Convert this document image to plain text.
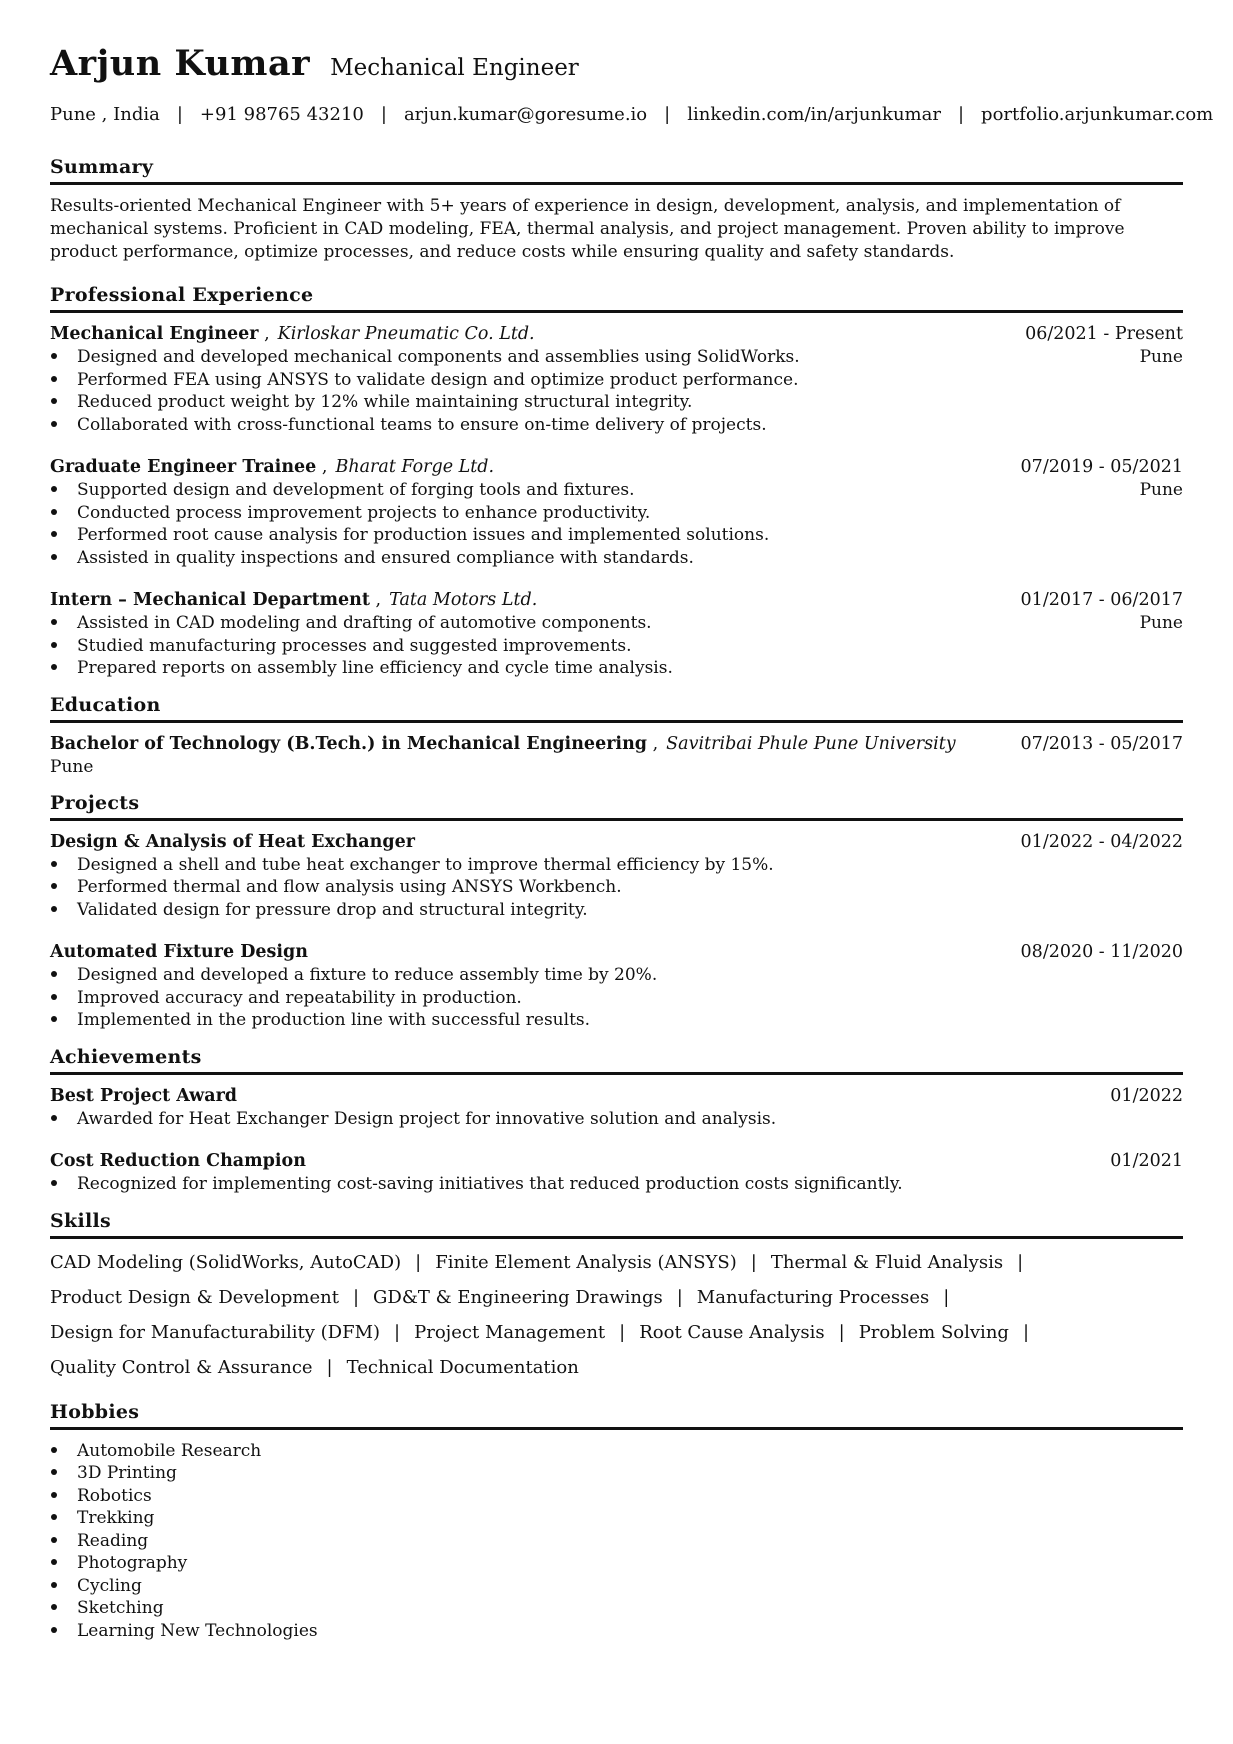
Arjun Kumar Mechanical Engineer
Pune , India | +91 98765 43210 | arjun.kumar@goresume.io | linkedin.com/in/arjunkumar | portfolio.arjunkumar.com
Summary
Results-oriented Mechanical Engineer with 5+ years of experience in design, development, analysis, and implementation of mechanical systems. Proficient in CAD modeling, FEA, thermal analysis, and project management. Proven ability to improve product performance, optimize processes, and reduce costs while ensuring quality and safety standards.
Professional Experience
Mechanical Engineer , Kirloskar Pneumatic Co. Ltd.	06/2021 - Present
Designed and developed mechanical components and assemblies using SolidWorks.
Performed FEA using ANSYS to validate design and optimize product performance.
Reduced product weight by 12% while maintaining structural integrity.
Collaborated with cross-functional teams to ensure on-time delivery of projects.
Pune
Graduate Engineer Trainee , Bharat Forge Ltd.	07/2019 - 05/2021
Supported design and development of forging tools and fixtures.
Conducted process improvement projects to enhance productivity.
Performed root cause analysis for production issues and implemented solutions.
Assisted in quality inspections and ensured compliance with standards.
Pune
Intern – Mechanical Department , Tata Motors Ltd.	01/2017 - 06/2017
Assisted in CAD modeling and drafting of automotive components.
Studied manufacturing processes and suggested improvements.
Prepared reports on assembly line efficiency and cycle time analysis.
Pune
Education
Bachelor of Technology (B.Tech.) in Mechanical Engineering , Savitribai Phule Pune University	07/2013 - 05/2017
Pune
Projects
Design & Analysis of Heat Exchanger	01/2022 - 04/2022
Designed a shell and tube heat exchanger to improve thermal efficiency by 15%.
Performed thermal and flow analysis using ANSYS Workbench.
Validated design for pressure drop and structural integrity.
Automated Fixture Design	08/2020 - 11/2020
Designed and developed a fixture to reduce assembly time by 20%.
Improved accuracy and repeatability in production.
Implemented in the production line with successful results.
Achievements
Best Project Award	01/2022
Awarded for Heat Exchanger Design project for innovative solution and analysis.
Cost Reduction Champion	01/2021
Recognized for implementing cost-saving initiatives that reduced production costs significantly.
Skills
CAD Modeling (SolidWorks, AutoCAD) | Finite Element Analysis (ANSYS) | Thermal & Fluid Analysis |
Product Design & Development | GD&T & Engineering Drawings | Manufacturing Processes |
Design for Manufacturability (DFM) | Project Management | Root Cause Analysis | Problem Solving |
Quality Control & Assurance | Technical Documentation
Hobbies
Automobile Research
3D Printing
Robotics
Trekking
Reading
Photography
Cycling
Sketching
Learning New Technologies
